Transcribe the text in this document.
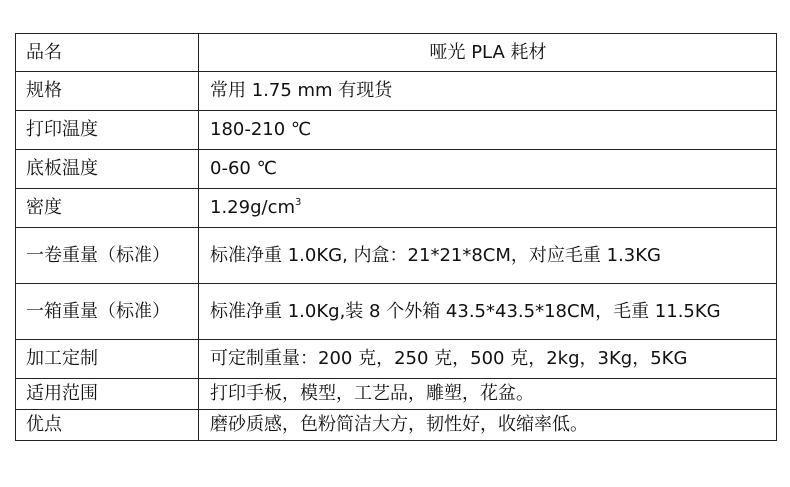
品名	哑光 PLA 耗材
规格	常用 1.75 mm 有现货
打印温度	180-210 ℃
底板温度	0-60 ℃
密度	$1.29g/cm^3$
一卷重量（标准）	标准净重 1.0KG, 内盒：21*21*8CM，对应毛重 1.3KG
一箱重量（标准）	标准净重 1.0Kg,装 8 个外箱 43.5*43.5*18CM，毛重 11.5KG
加工定制	可定制重量：200 克，250 克，500 克，2kg，3Kg，5KG
适用范围	打印手板，模型，工艺品，雕塑，花盆。
优点	磨砂质感，色粉简洁大方，韧性好，收缩率低。
